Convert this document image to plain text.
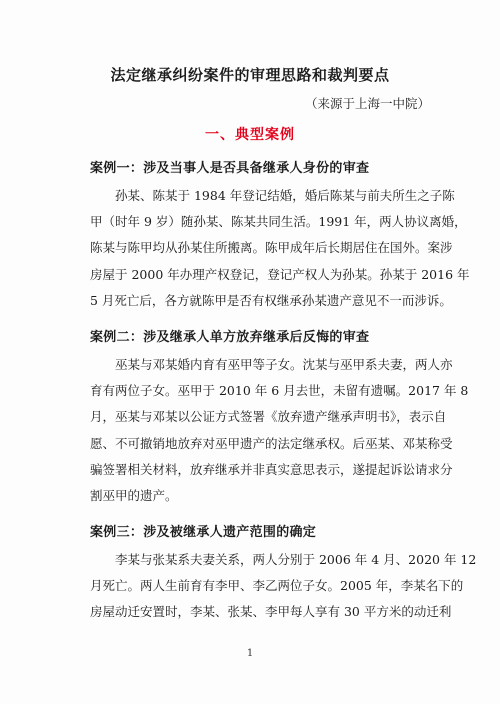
法定继承纠纷案件的审理思路和裁判要点
（来源于上海一中院）
一、典型案例
案例一：涉及当事人是否具备继承人身份的审查
孙某、陈某于 1984 年登记结婚，婚后陈某与前夫所生之子陈
甲（时年 9 岁）随孙某、陈某共同生活。1991 年，两人协议离婚，
陈某与陈甲均从孙某住所搬离。陈甲成年后长期居住在国外。案涉
房屋于 2000 年办理产权登记，登记产权人为孙某。孙某于 2016 年
5 月死亡后，各方就陈甲是否有权继承孙某遗产意见不一而涉诉。
案例二：涉及继承人单方放弃继承后反悔的审查
巫某与邓某婚内育有巫甲等子女。沈某与巫甲系夫妻，两人亦
育有两位子女。巫甲于 2010 年 6 月去世，未留有遗嘱。2017 年 8
月，巫某与邓某以公证方式签署《放弃遗产继承声明书》，表示自
愿、不可撤销地放弃对巫甲遗产的法定继承权。后巫某、邓某称受
骗签署相关材料，放弃继承并非真实意思表示，遂提起诉讼请求分
割巫甲的遗产。
案例三：涉及被继承人遗产范围的确定
李某与张某系夫妻关系，两人分别于 2006 年 4 月、2020 年 12
月死亡。两人生前育有李甲、李乙两位子女。2005 年，李某名下的
房屋动迁安置时，李某、张某、李甲每人享有 30 平方米的动迁利
1
